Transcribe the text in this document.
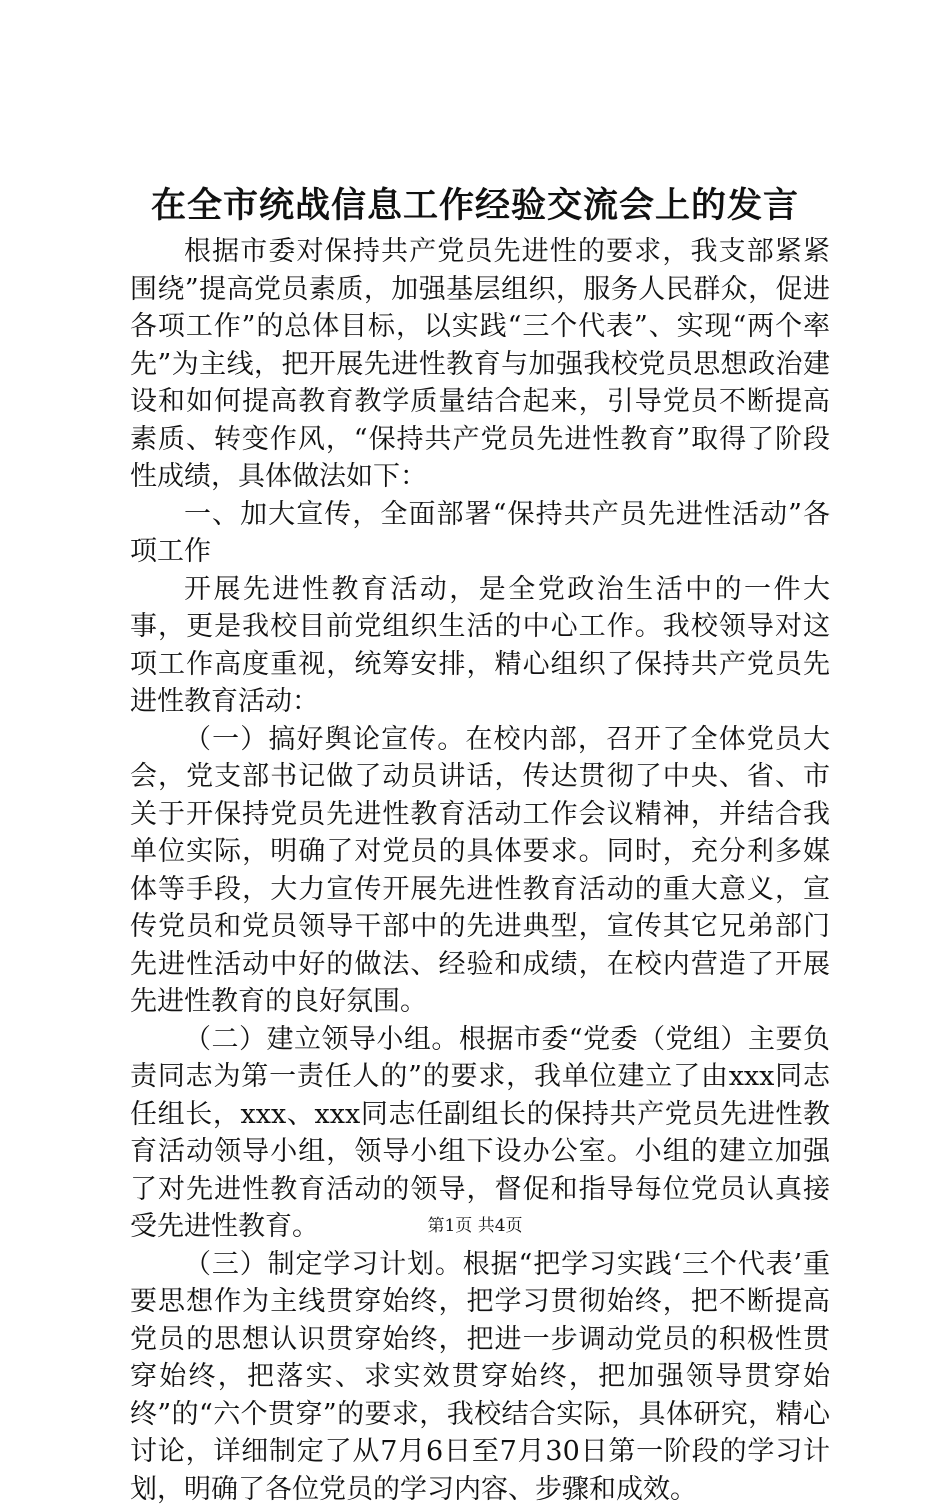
在全市统战信息工作经验交流会上的发言

根据市委对保持共产党员先进性的要求，我支部紧紧围绕”提高党员素质，加强基层组织，服务人民群众，促进各项工作”的总体目标，以实践“三个代表”、实现“两个率先”为主线，把开展先进性教育与加强我校党员思想政治建设和如何提高教育教学质量结合起来，引导党员不断提高素质、转变作风，“保持共产党员先进性教育”取得了阶段性成绩，具体做法如下：

一、加大宣传，全面部署“保持共产员先进性活动”各项工作

开展先进性教育活动，是全党政治生活中的一件大事，更是我校目前党组织生活的中心工作。我校领导对这项工作高度重视，统筹安排，精心组织了保持共产党员先进性教育活动：

（一）搞好舆论宣传。在校内部，召开了全体党员大会，党支部书记做了动员讲话，传达贯彻了中央、省、市关于开保持党员先进性教育活动工作会议精神，并结合我单位实际，明确了对党员的具体要求。同时，充分利多媒体等手段，大力宣传开展先进性教育活动的重大意义，宣传党员和党员领导干部中的先进典型，宣传其它兄弟部门先进性活动中好的做法、经验和成绩，在校内营造了开展先进性教育的良好氛围。

（二）建立领导小组。根据市委“党委（党组）主要负责同志为第一责任人的”的要求，我单位建立了由xxx同志任组长，xxx、xxx同志任副组长的保持共产党员先进性教育活动领导小组，领导小组下设办公室。小组的建立加强了对先进性教育活动的领导，督促和指导每位党员认真接受先进性教育。

（三）制定学习计划。根据“把学习实践‘三个代表’重要思想作为主线贯穿始终，把学习贯彻始终，把不断提高党员的思想认识贯穿始终，把进一步调动党员的积极性贯穿始终，把落实、求实效贯穿始终，把加强领导贯穿始终”的“六个贯穿”的要求，我校结合实际，具体研究，精心讨论，详细制定了从7月6日至7月30日第一阶段的学习计划，明确了各位党员的学习内容、步骤和成效。

第1页 共4页
